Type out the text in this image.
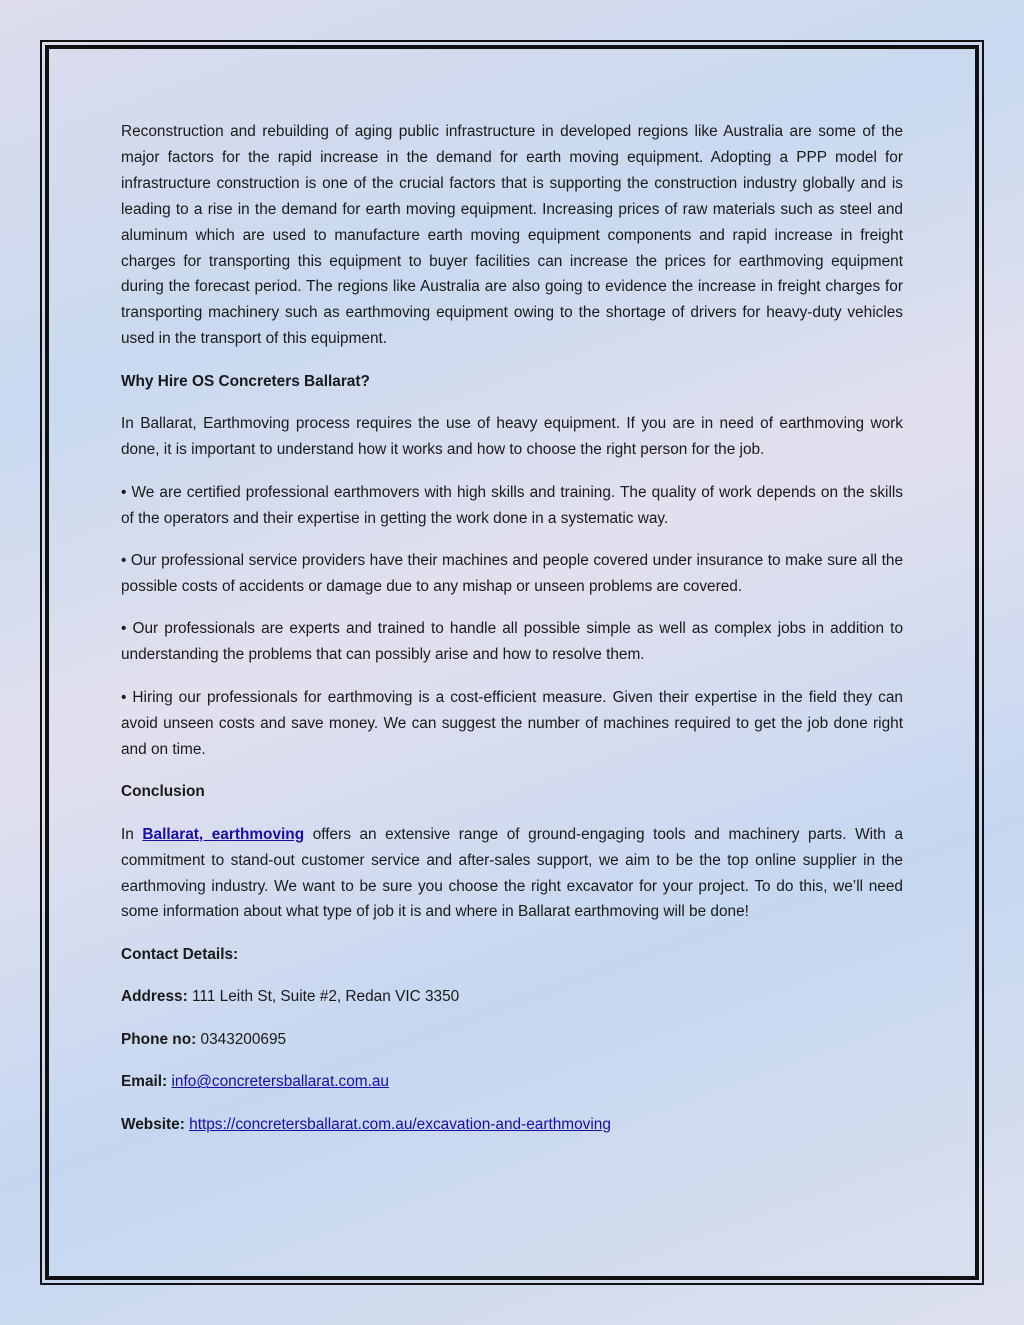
Reconstruction and rebuilding of aging public infrastructure in developed regions like Australia are some of the major factors for the rapid increase in the demand for earth moving equipment. Adopting a PPP model for infrastructure construction is one of the crucial factors that is supporting the construction industry globally and is leading to a rise in the demand for earth moving equipment. Increasing prices of raw materials such as steel and aluminum which are used to manufacture earth moving equipment components and rapid increase in freight charges for transporting this equipment to buyer facilities can increase the prices for earthmoving equipment during the forecast period. The regions like Australia are also going to evidence the increase in freight charges for transporting machinery such as earthmoving equipment owing to the shortage of drivers for heavy-duty vehicles used in the transport of this equipment.

Why Hire OS Concreters Ballarat?

In Ballarat, Earthmoving process requires the use of heavy equipment. If you are in need of earthmoving work done, it is important to understand how it works and how to choose the right person for the job.

• We are certified professional earthmovers with high skills and training. The quality of work depends on the skills of the operators and their expertise in getting the work done in a systematic way.

• Our professional service providers have their machines and people covered under insurance to make sure all the possible costs of accidents or damage due to any mishap or unseen problems are covered.

• Our professionals are experts and trained to handle all possible simple as well as complex jobs in addition to understanding the problems that can possibly arise and how to resolve them.

• Hiring our professionals for earthmoving is a cost-efficient measure. Given their expertise in the field they can avoid unseen costs and save money. We can suggest the number of machines required to get the job done right and on time.

Conclusion

In Ballarat, earthmoving offers an extensive range of ground-engaging tools and machinery parts. With a commitment to stand-out customer service and after-sales support, we aim to be the top online supplier in the earthmoving industry. We want to be sure you choose the right excavator for your project. To do this, we’ll need some information about what type of job it is and where in Ballarat earthmoving will be done!

Contact Details:

Address: 111 Leith St, Suite #2, Redan VIC 3350

Phone no: 0343200695

Email: info@concretersballarat.com.au

Website: https://concretersballarat.com.au/excavation-and-earthmoving
